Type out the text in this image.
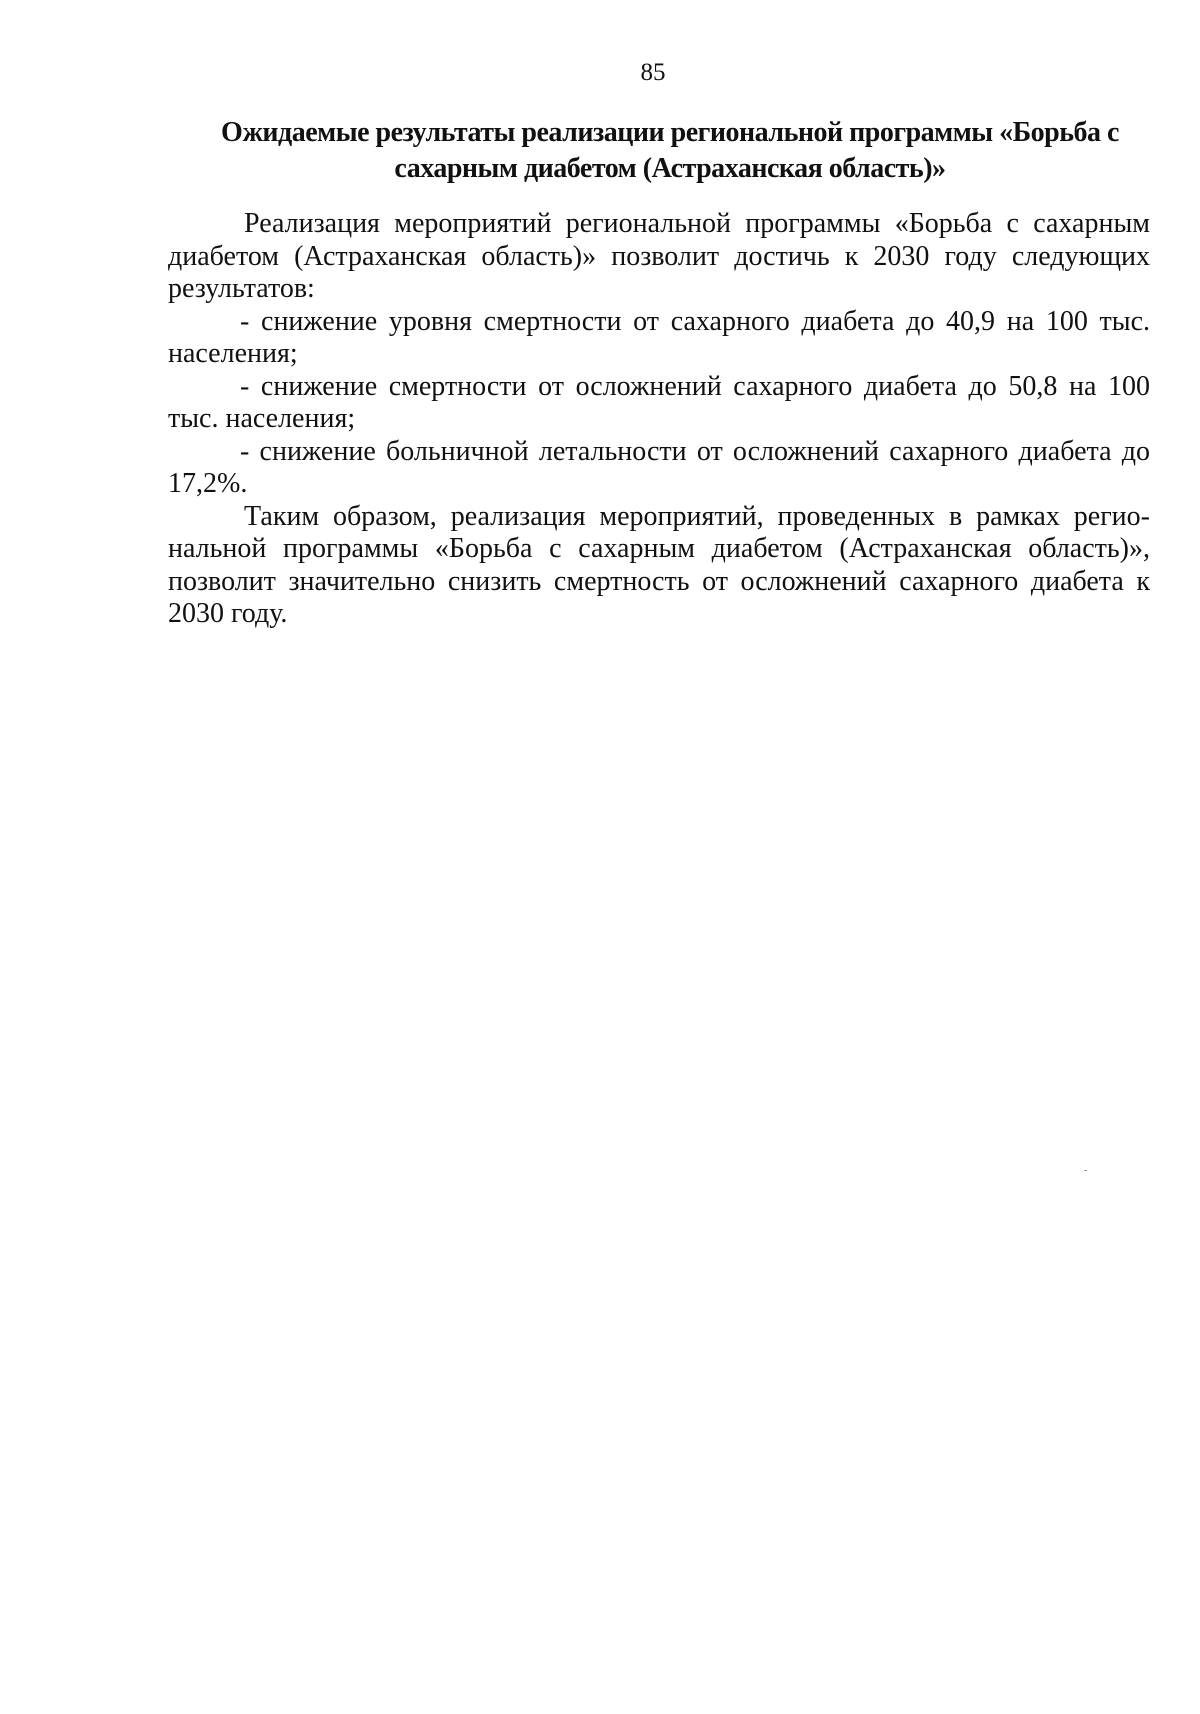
85
Ожидаемые результаты реализации региональной программы «Борьба с
сахарным диабетом (Астраханская область)»

Реализация мероприятий региональной программы «Борьба с сахарным диабетом (Астраханская область)» позволит достичь к 2030 году следующих результатов:

- снижение уровня смертности от сахарного диабета до 40,9 на 100 тыс. населения;

- снижение смертности от осложнений сахарного диабета до 50,8 на 100 тыс. населения;

- снижение больничной летальности от осложнений сахарного диабета до 17,2%.

Таким образом, реализация мероприятий, проведенных в рамках региональной программы «Борьба с сахарным диабетом (Астраханская область)», позволит значительно снизить смертность от осложнений сахарного диабета к 2030 году.
